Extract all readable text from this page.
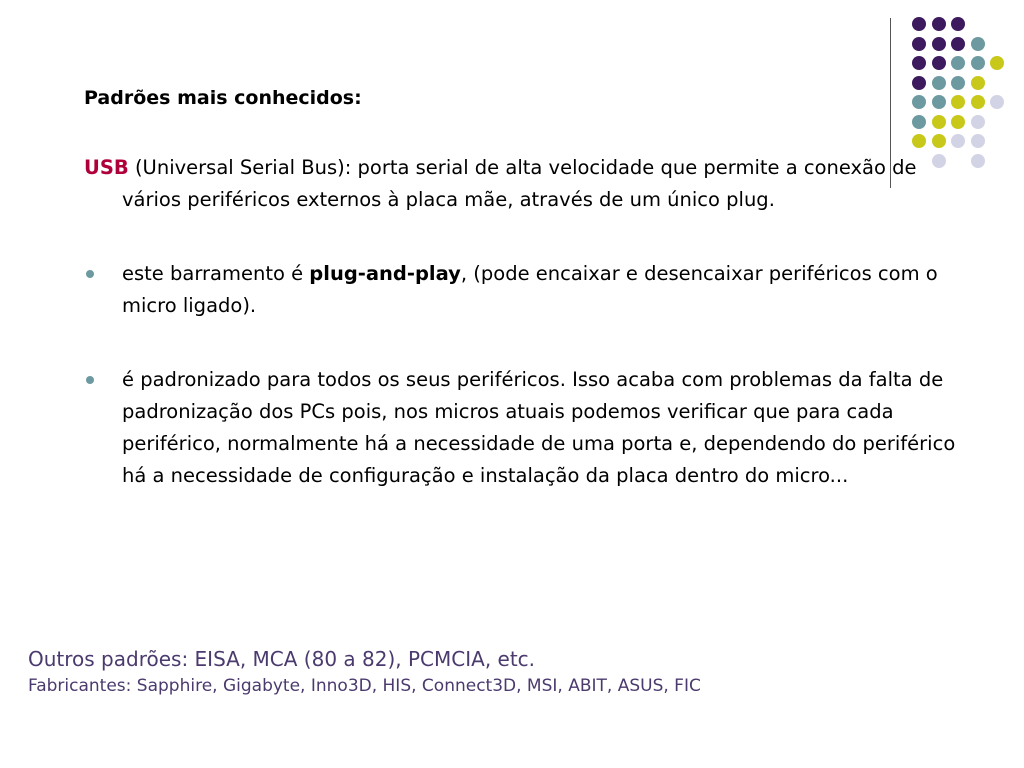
Padrões mais conhecidos:

USB (Universal Serial Bus): porta serial de alta velocidade que permite a conexão de vários periféricos externos à placa mãe, através de um único plug.

este barramento é plug-and-play, (pode encaixar e desencaixar periféricos com o micro ligado).
é padronizado para todos os seus periféricos. Isso acaba com problemas da falta de padronização dos PCs pois, nos micros atuais podemos verificar que para cada periférico, normalmente há a necessidade de uma porta e, dependendo do periférico há a necessidade de configuração e instalação da placa dentro do micro...

Outros padrões: EISA, MCA (80 a 82), PCMCIA, etc.

Fabricantes: Sapphire, Gigabyte, Inno3D, HIS, Connect3D, MSI, ABIT, ASUS, FIC
